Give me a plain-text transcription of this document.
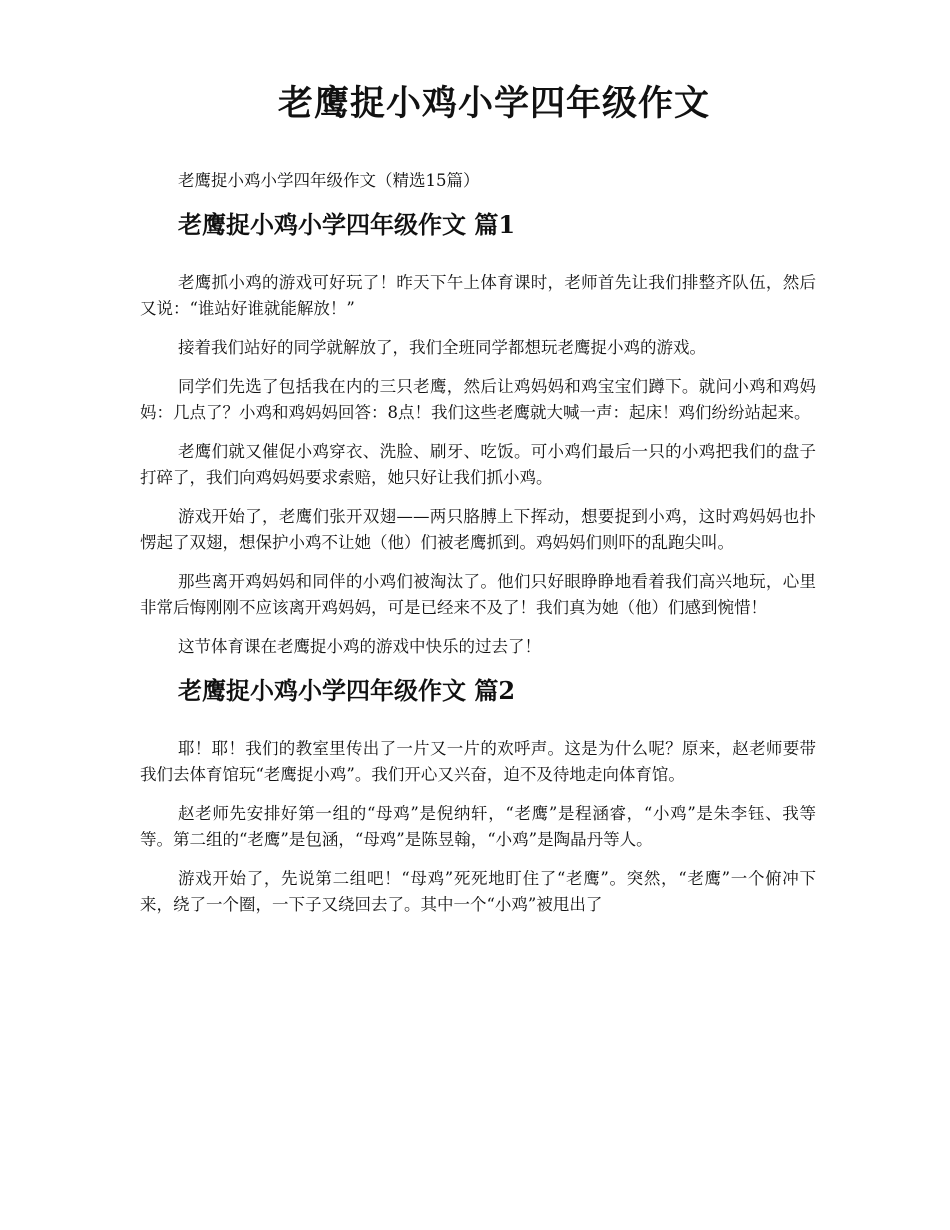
老鹰捉小鸡小学四年级作文

老鹰捉小鸡小学四年级作文（精选15篇）

老鹰捉小鸡小学四年级作文 篇1

老鹰抓小鸡的游戏可好玩了！昨天下午上体育课时，老师首先让我们排整齐队伍，然后又说：“谁站好谁就能解放！”

接着我们站好的同学就解放了，我们全班同学都想玩老鹰捉小鸡的游戏。

同学们先选了包括我在内的三只老鹰，然后让鸡妈妈和鸡宝宝们蹲下。就问小鸡和鸡妈妈：几点了？小鸡和鸡妈妈回答：8点！我们这些老鹰就大喊一声：起床！鸡们纷纷站起来。

老鹰们就又催促小鸡穿衣、洗脸、刷牙、吃饭。可小鸡们最后一只的小鸡把我们的盘子打碎了，我们向鸡妈妈要求索赔，她只好让我们抓小鸡。

游戏开始了，老鹰们张开双翅——两只胳膊上下挥动，想要捉到小鸡，这时鸡妈妈也扑愣起了双翅，想保护小鸡不让她（他）们被老鹰抓到。鸡妈妈们则吓的乱跑尖叫。

那些离开鸡妈妈和同伴的小鸡们被淘汰了。他们只好眼睁睁地看着我们高兴地玩，心里非常后悔刚刚不应该离开鸡妈妈，可是已经来不及了！我们真为她（他）们感到惋惜！

这节体育课在老鹰捉小鸡的游戏中快乐的过去了！

老鹰捉小鸡小学四年级作文 篇2

耶！耶！我们的教室里传出了一片又一片的欢呼声。这是为什么呢？原来，赵老师要带我们去体育馆玩“老鹰捉小鸡”。我们开心又兴奋，迫不及待地走向体育馆。

赵老师先安排好第一组的“母鸡”是倪纳轩，“老鹰”是程涵睿，“小鸡”是朱李钰、我等等。第二组的“老鹰”是包涵，“母鸡”是陈昱翰，“小鸡”是陶晶丹等人。

游戏开始了，先说第二组吧！“母鸡”死死地盯住了“老鹰”。突然，“老鹰”一个俯冲下来，绕了一个圈，一下子又绕回去了。其中一个“小鸡”被甩出了
